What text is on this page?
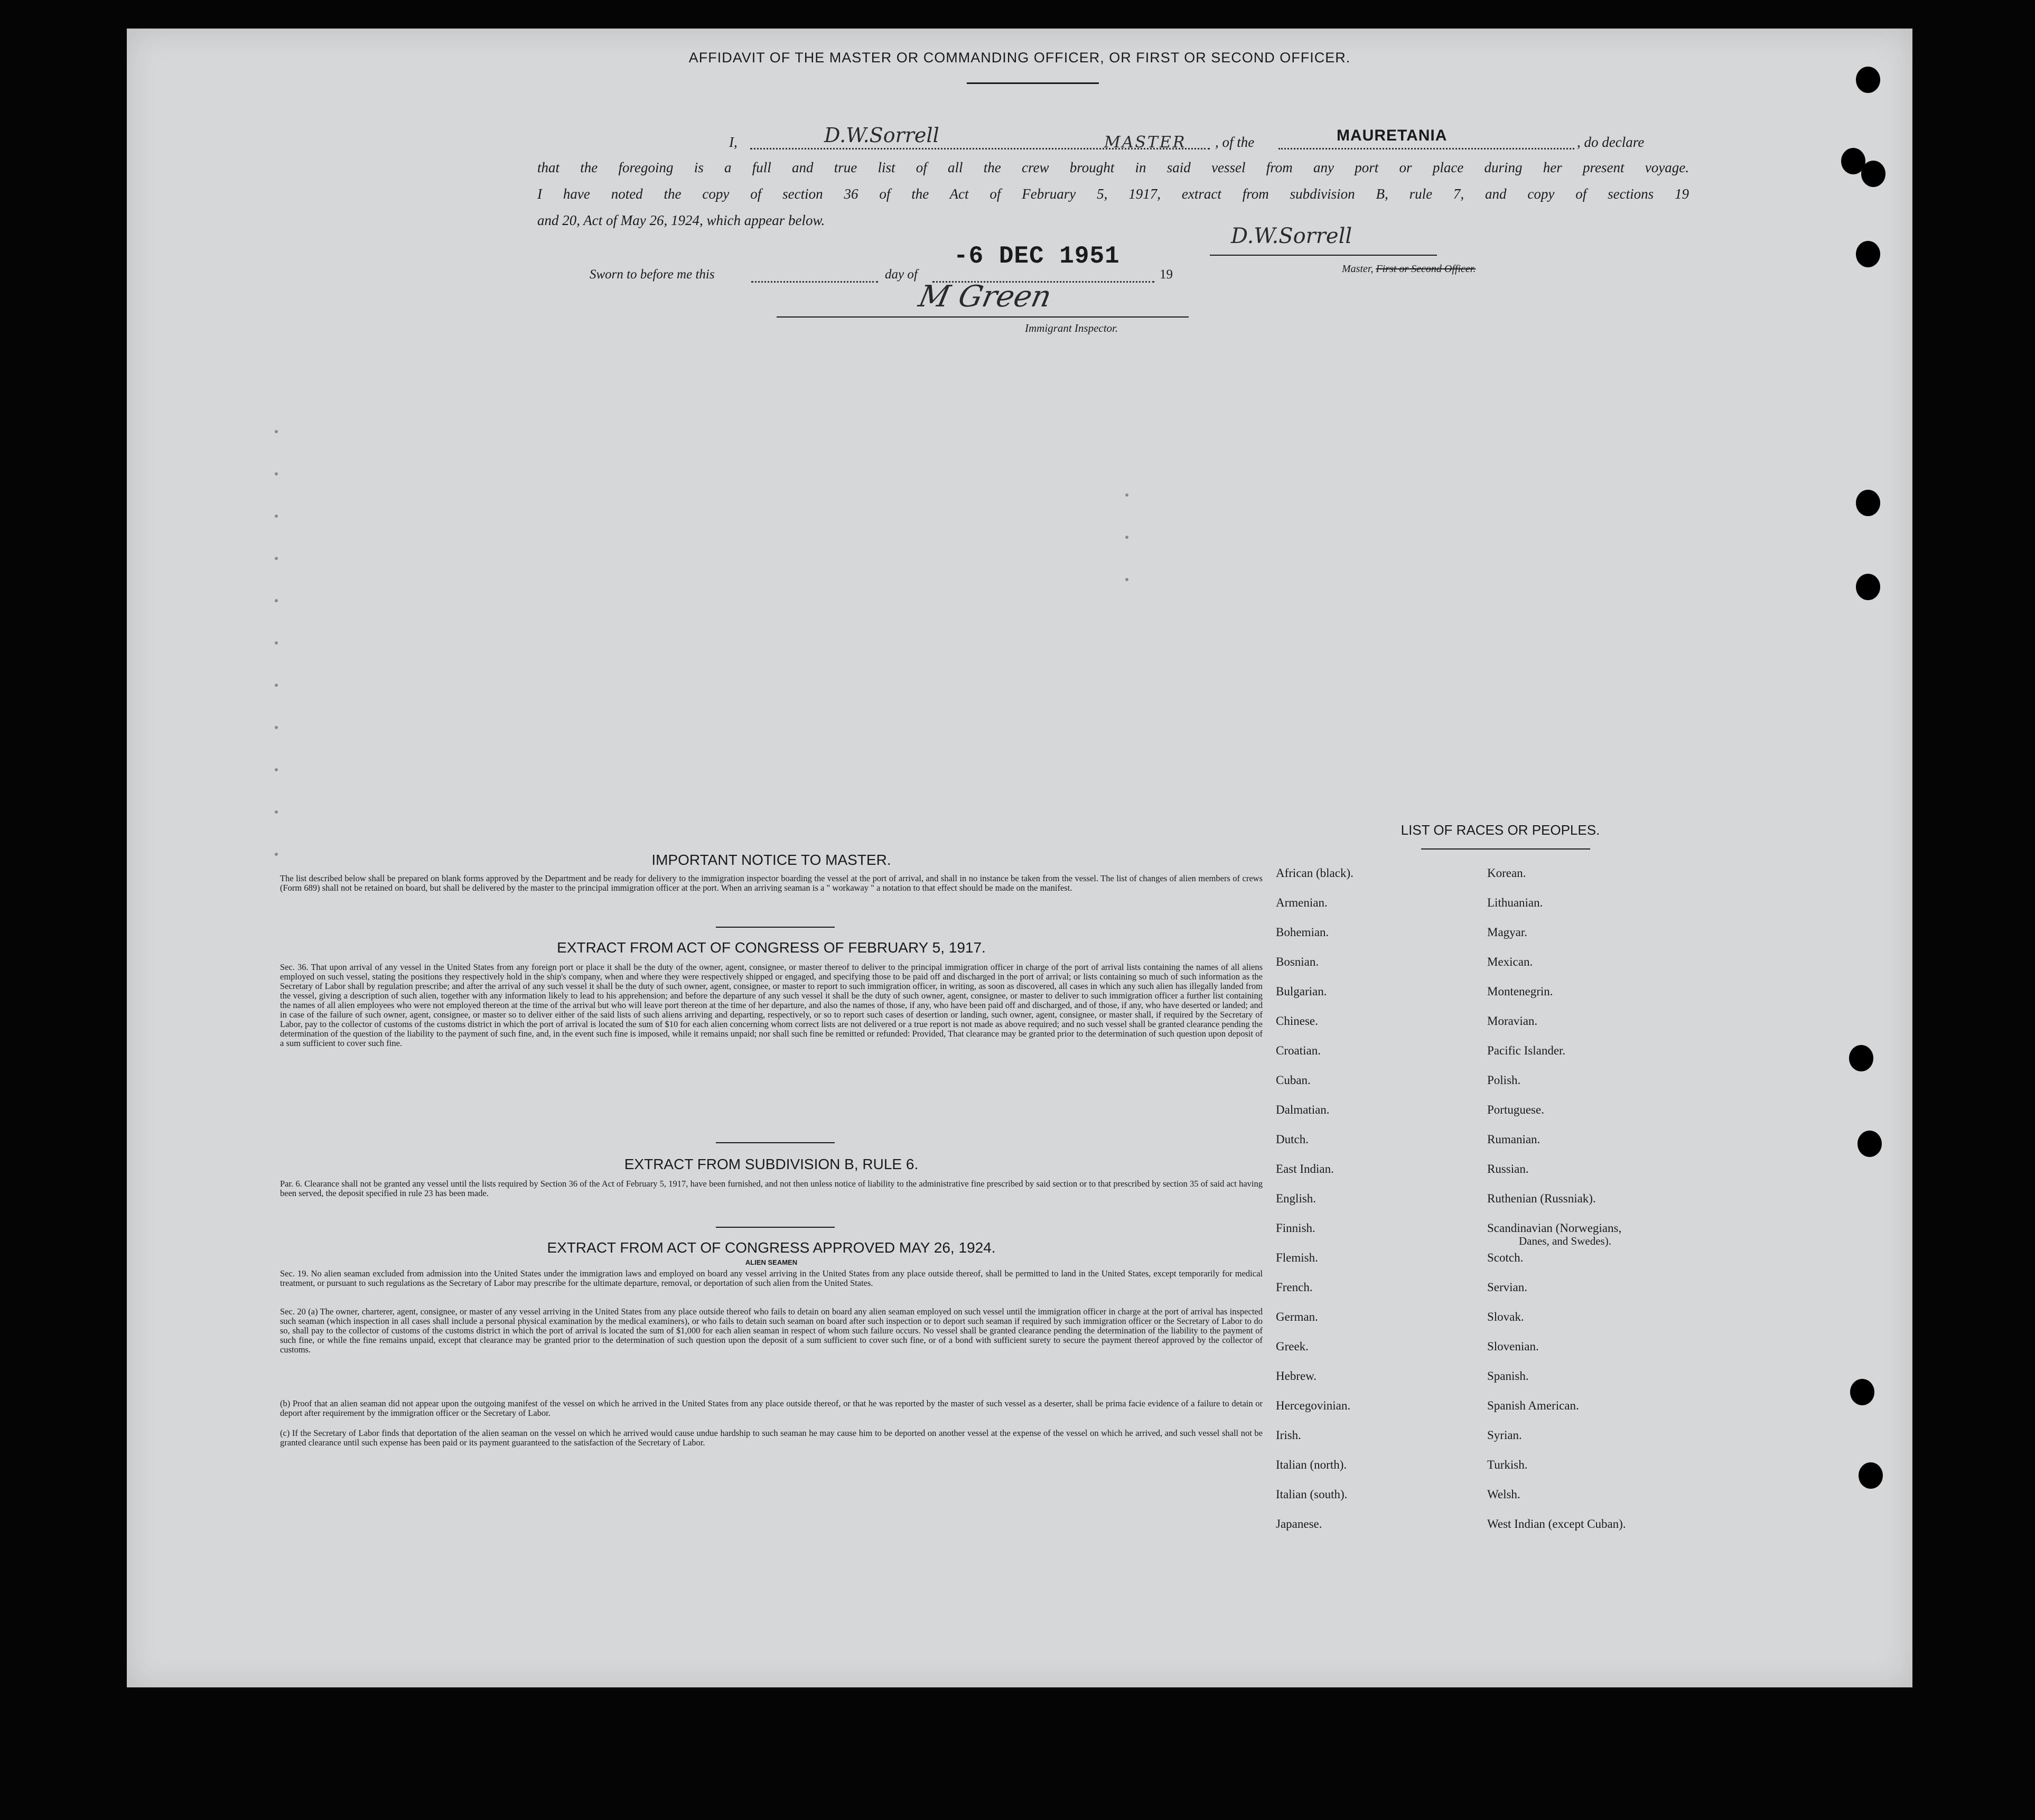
AFFIDAVIT OF THE MASTER OR COMMANDING OFFICER, OR FIRST OR SECOND OFFICER.
I,	D.W.Sorrell	MASTER , of the	MAURETANIA	, do declare
that the foregoing is a full and true list of all the crew brought in said vessel from any port or place during her present voyage.
I have noted the copy of section 36 of the Act of February 5, 1917, extract from subdivision B, rule 7, and copy of sections 19
and 20, Act of May 26, 1924, which appear below.
D.W.Sorrell
Master, First or Second Officer.
Sworn to before me this	day of
-6 DEC 1951
19
M Green
Immigrant Inspector.
IMPORTANT NOTICE TO MASTER.
The list described below shall be prepared on blank forms approved by the Department and be ready for delivery to the immigration inspector boarding the vessel at the port of arrival, and shall in no instance be taken from the vessel. The list of changes of alien members of crews (Form 689) shall not be retained on board, but shall be delivered by the master to the principal immigration officer at the port. When an arriving seaman is a " workaway " a notation to that effect should be made on the manifest.
EXTRACT FROM ACT OF CONGRESS OF FEBRUARY 5, 1917.
Sec. 36. That upon arrival of any vessel in the United States from any foreign port or place it shall be the duty of the owner, agent, consignee, or master thereof to deliver to the principal immigration officer in charge of the port of arrival lists containing the names of all aliens employed on such vessel, stating the positions they respectively hold in the ship's company, when and where they were respectively shipped or engaged, and specifying those to be paid off and discharged in the port of arrival; or lists containing so much of such information as the Secretary of Labor shall by regulation prescribe; and after the arrival of any such vessel it shall be the duty of such owner, agent, consignee, or master to report to such immigration officer, in writing, as soon as discovered, all cases in which any such alien has illegally landed from the vessel, giving a description of such alien, together with any information likely to lead to his apprehension; and before the departure of any such vessel it shall be the duty of such owner, agent, consignee, or master to deliver to such immigration officer a further list containing the names of all alien employees who were not employed thereon at the time of the arrival but who will leave port thereon at the time of her departure, and also the names of those, if any, who have been paid off and discharged, and of those, if any, who have deserted or landed; and in case of the failure of such owner, agent, consignee, or master so to deliver either of the said lists of such aliens arriving and departing, respectively, or so to report such cases of desertion or landing, such owner, agent, consignee, or master shall, if required by the Secretary of Labor, pay to the collector of customs of the customs district in which the port of arrival is located the sum of $10 for each alien concerning whom correct lists are not delivered or a true report is not made as above required; and no such vessel shall be granted clearance pending the determination of the question of the liability to the payment of such fine, and, in the event such fine is imposed, while it remains unpaid; nor shall such fine be remitted or refunded: Provided, That clearance may be granted prior to the determination of such question upon deposit of a sum sufficient to cover such fine.
EXTRACT FROM SUBDIVISION B, RULE 6.
Par. 6. Clearance shall not be granted any vessel until the lists required by Section 36 of the Act of February 5, 1917, have been furnished, and not then unless notice of liability to the administrative fine prescribed by said section or to that prescribed by section 35 of said act having been served, the deposit specified in rule 23 has been made.
EXTRACT FROM ACT OF CONGRESS APPROVED MAY 26, 1924.
ALIEN SEAMEN
Sec. 19. No alien seaman excluded from admission into the United States under the immigration laws and employed on board any vessel arriving in the United States from any place outside thereof, shall be permitted to land in the United States, except temporarily for medical treatment, or pursuant to such regulations as the Secretary of Labor may prescribe for the ultimate departure, removal, or deportation of such alien from the United States.
Sec. 20 (a) The owner, charterer, agent, consignee, or master of any vessel arriving in the United States from any place outside thereof who fails to detain on board any alien seaman employed on such vessel until the immigration officer in charge at the port of arrival has inspected such seaman (which inspection in all cases shall include a personal physical examination by the medical examiners), or who fails to detain such seaman on board after such inspection or to deport such seaman if required by such immigration officer or the Secretary of Labor to do so, shall pay to the collector of customs of the customs district in which the port of arrival is located the sum of $1,000 for each alien seaman in respect of whom such failure occurs. No vessel shall be granted clearance pending the determination of the liability to the payment of such fine, or while the fine remains unpaid, except that clearance may be granted prior to the determination of such question upon the deposit of a sum sufficient to cover such fine, or of a bond with sufficient surety to secure the payment thereof approved by the collector of customs.
(b) Proof that an alien seaman did not appear upon the outgoing manifest of the vessel on which he arrived in the United States from any place outside thereof, or that he was reported by the master of such vessel as a deserter, shall be prima facie evidence of a failure to detain or deport after requirement by the immigration officer or the Secretary of Labor.
(c) If the Secretary of Labor finds that deportation of the alien seaman on the vessel on which he arrived would cause undue hardship to such seaman he may cause him to be deported on another vessel at the expense of the vessel on which he arrived, and such vessel shall not be granted clearance until such expense has been paid or its payment guaranteed to the satisfaction of the Secretary of Labor.
LIST OF RACES OR PEOPLES.
African (black).
Armenian.
Bohemian.
Bosnian.
Bulgarian.
Chinese.
Croatian.
Cuban.
Dalmatian.
Dutch.
East Indian.
English.
Finnish.
Flemish.
French.
German.
Greek.
Hebrew.
Hercegovinian.
Irish.
Italian (north).
Italian (south).
Japanese.
Korean.
Lithuanian.
Magyar.
Mexican.
Montenegrin.
Moravian.
Pacific Islander.
Polish.
Portuguese.
Rumanian.
Russian.
Ruthenian (Russniak).
Scandinavian (Norwegians,
Danes, and Swedes).
Scotch.
Servian.
Slovak.
Slovenian.
Spanish.
Spanish American.
Syrian.
Turkish.
Welsh.
West Indian (except Cuban).
